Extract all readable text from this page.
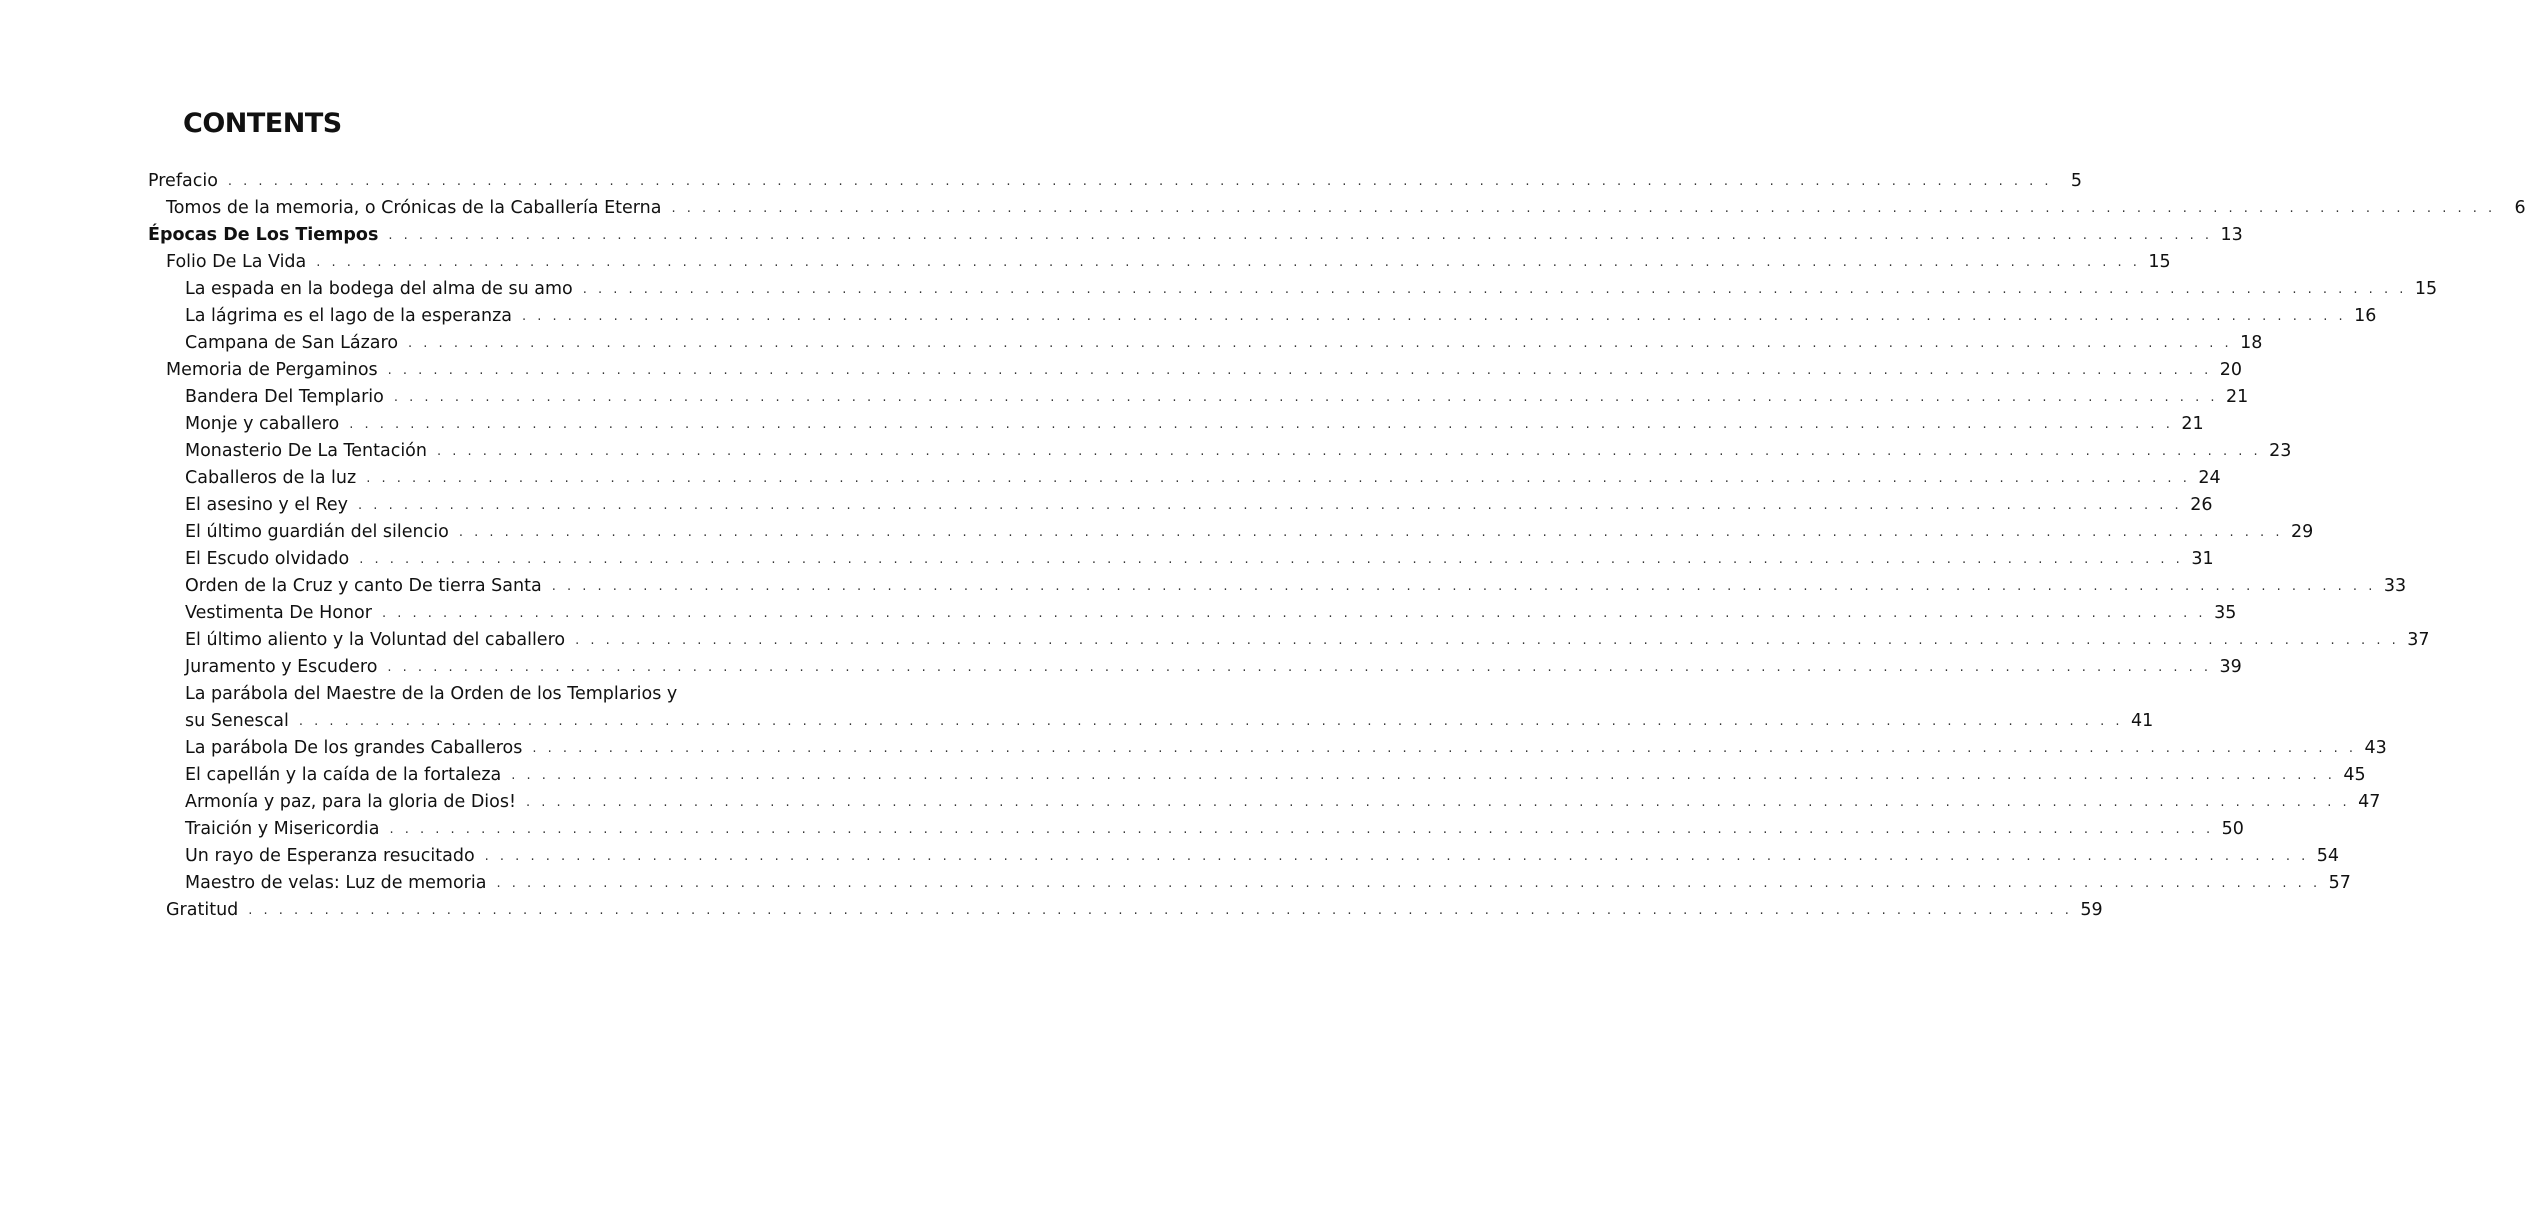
CONTENTS
Prefacio . . . . . . . . . . . . . . . . . . . . . . . . . . . . . . . . . . . . . . . . . . . . . . . . . . . . . . . . . . . . . . . . . . . . . . . . . . . . . . . . . . . . . . . . . . . . . . . . . . . . . . . . . . . . . . . . . . . . . . . .	5
Tomos de la memoria, o Crónicas de la Caballería Eterna . . . . . . . . . . . . . . . . . . . . . . . . . . . . . . . . . . . . . . . . . . . . . . . . . . . . . . . . . . . . . . . . . . . . . . . . . . . . . . . . . . . . . . . . . . . . . . . . . . . . . . . . . . . . . . . . . . . . . . . .	6
Épocas De Los Tiempos . . . . . . . . . . . . . . . . . . . . . . . . . . . . . . . . . . . . . . . . . . . . . . . . . . . . . . . . . . . . . . . . . . . . . . . . . . . . . . . . . . . . . . . . . . . . . . . . . . . . . . . . . . . . . . . . . . . . . . . . 13
Folio De La Vida . . . . . . . . . . . . . . . . . . . . . . . . . . . . . . . . . . . . . . . . . . . . . . . . . . . . . . . . . . . . . . . . . . . . . . . . . . . . . . . . . . . . . . . . . . . . . . . . . . . . . . . . . . . . . . . . . . . . . . . . 15
La espada en la bodega del alma de su amo . . . . . . . . . . . . . . . . . . . . . . . . . . . . . . . . . . . . . . . . . . . . . . . . . . . . . . . . . . . . . . . . . . . . . . . . . . . . . . . . . . . . . . . . . . . . . . . . . . . . . . . . . . . . . . . . . . . . . . . . 15
La lágrima es el lago de la esperanza . . . . . . . . . . . . . . . . . . . . . . . . . . . . . . . . . . . . . . . . . . . . . . . . . . . . . . . . . . . . . . . . . . . . . . . . . . . . . . . . . . . . . . . . . . . . . . . . . . . . . . . . . . . . . . . . . . . . . . . . 16
Campana de San Lázaro . . . . . . . . . . . . . . . . . . . . . . . . . . . . . . . . . . . . . . . . . . . . . . . . . . . . . . . . . . . . . . . . . . . . . . . . . . . . . . . . . . . . . . . . . . . . . . . . . . . . . . . . . . . . . . . . . . . . . . . . 18
Memoria de Pergaminos . . . . . . . . . . . . . . . . . . . . . . . . . . . . . . . . . . . . . . . . . . . . . . . . . . . . . . . . . . . . . . . . . . . . . . . . . . . . . . . . . . . . . . . . . . . . . . . . . . . . . . . . . . . . . . . . . . . . . . . . 20
Bandera Del Templario . . . . . . . . . . . . . . . . . . . . . . . . . . . . . . . . . . . . . . . . . . . . . . . . . . . . . . . . . . . . . . . . . . . . . . . . . . . . . . . . . . . . . . . . . . . . . . . . . . . . . . . . . . . . . . . . . . . . . . . . 21
Monje y caballero . . . . . . . . . . . . . . . . . . . . . . . . . . . . . . . . . . . . . . . . . . . . . . . . . . . . . . . . . . . . . . . . . . . . . . . . . . . . . . . . . . . . . . . . . . . . . . . . . . . . . . . . . . . . . . . . . . . . . . . . 21
Monasterio De La Tentación . . . . . . . . . . . . . . . . . . . . . . . . . . . . . . . . . . . . . . . . . . . . . . . . . . . . . . . . . . . . . . . . . . . . . . . . . . . . . . . . . . . . . . . . . . . . . . . . . . . . . . . . . . . . . . . . . . . . . . . . 23
Caballeros de la luz . . . . . . . . . . . . . . . . . . . . . . . . . . . . . . . . . . . . . . . . . . . . . . . . . . . . . . . . . . . . . . . . . . . . . . . . . . . . . . . . . . . . . . . . . . . . . . . . . . . . . . . . . . . . . . . . . . . . . . . . 24
El asesino y el Rey . . . . . . . . . . . . . . . . . . . . . . . . . . . . . . . . . . . . . . . . . . . . . . . . . . . . . . . . . . . . . . . . . . . . . . . . . . . . . . . . . . . . . . . . . . . . . . . . . . . . . . . . . . . . . . . . . . . . . . . . 26
El último guardián del silencio . . . . . . . . . . . . . . . . . . . . . . . . . . . . . . . . . . . . . . . . . . . . . . . . . . . . . . . . . . . . . . . . . . . . . . . . . . . . . . . . . . . . . . . . . . . . . . . . . . . . . . . . . . . . . . . . . . . . . . . . 29
El Escudo olvidado . . . . . . . . . . . . . . . . . . . . . . . . . . . . . . . . . . . . . . . . . . . . . . . . . . . . . . . . . . . . . . . . . . . . . . . . . . . . . . . . . . . . . . . . . . . . . . . . . . . . . . . . . . . . . . . . . . . . . . . . 31
Orden de la Cruz y canto De tierra Santa . . . . . . . . . . . . . . . . . . . . . . . . . . . . . . . . . . . . . . . . . . . . . . . . . . . . . . . . . . . . . . . . . . . . . . . . . . . . . . . . . . . . . . . . . . . . . . . . . . . . . . . . . . . . . . . . . . . . . . . . 33
Vestimenta De Honor . . . . . . . . . . . . . . . . . . . . . . . . . . . . . . . . . . . . . . . . . . . . . . . . . . . . . . . . . . . . . . . . . . . . . . . . . . . . . . . . . . . . . . . . . . . . . . . . . . . . . . . . . . . . . . . . . . . . . . . . 35
El último aliento y la Voluntad del caballero . . . . . . . . . . . . . . . . . . . . . . . . . . . . . . . . . . . . . . . . . . . . . . . . . . . . . . . . . . . . . . . . . . . . . . . . . . . . . . . . . . . . . . . . . . . . . . . . . . . . . . . . . . . . . . . . . . . . . . . . 37
Juramento y Escudero . . . . . . . . . . . . . . . . . . . . . . . . . . . . . . . . . . . . . . . . . . . . . . . . . . . . . . . . . . . . . . . . . . . . . . . . . . . . . . . . . . . . . . . . . . . . . . . . . . . . . . . . . . . . . . . . . . . . . . . . 39
La parábola del Maestre de la Orden de los Templarios y
su Senescal . . . . . . . . . . . . . . . . . . . . . . . . . . . . . . . . . . . . . . . . . . . . . . . . . . . . . . . . . . . . . . . . . . . . . . . . . . . . . . . . . . . . . . . . . . . . . . . . . . . . . . . . . . . . . . . . . . . . . . . . 41
La parábola De los grandes Caballeros . . . . . . . . . . . . . . . . . . . . . . . . . . . . . . . . . . . . . . . . . . . . . . . . . . . . . . . . . . . . . . . . . . . . . . . . . . . . . . . . . . . . . . . . . . . . . . . . . . . . . . . . . . . . . . . . . . . . . . . . 43
El capellán y la caída de la fortaleza . . . . . . . . . . . . . . . . . . . . . . . . . . . . . . . . . . . . . . . . . . . . . . . . . . . . . . . . . . . . . . . . . . . . . . . . . . . . . . . . . . . . . . . . . . . . . . . . . . . . . . . . . . . . . . . . . . . . . . . . 45
Armonía y paz, para la gloria de Dios! . . . . . . . . . . . . . . . . . . . . . . . . . . . . . . . . . . . . . . . . . . . . . . . . . . . . . . . . . . . . . . . . . . . . . . . . . . . . . . . . . . . . . . . . . . . . . . . . . . . . . . . . . . . . . . . . . . . . . . . . 47
Traición y Misericordia . . . . . . . . . . . . . . . . . . . . . . . . . . . . . . . . . . . . . . . . . . . . . . . . . . . . . . . . . . . . . . . . . . . . . . . . . . . . . . . . . . . . . . . . . . . . . . . . . . . . . . . . . . . . . . . . . . . . . . . . 50
Un rayo de Esperanza resucitado . . . . . . . . . . . . . . . . . . . . . . . . . . . . . . . . . . . . . . . . . . . . . . . . . . . . . . . . . . . . . . . . . . . . . . . . . . . . . . . . . . . . . . . . . . . . . . . . . . . . . . . . . . . . . . . . . . . . . . . . 54
Maestro de velas: Luz de memoria . . . . . . . . . . . . . . . . . . . . . . . . . . . . . . . . . . . . . . . . . . . . . . . . . . . . . . . . . . . . . . . . . . . . . . . . . . . . . . . . . . . . . . . . . . . . . . . . . . . . . . . . . . . . . . . . . . . . . . . . 57
Gratitud . . . . . . . . . . . . . . . . . . . . . . . . . . . . . . . . . . . . . . . . . . . . . . . . . . . . . . . . . . . . . . . . . . . . . . . . . . . . . . . . . . . . . . . . . . . . . . . . . . . . . . . . . . . . . . . . . . . . . . . . 59
